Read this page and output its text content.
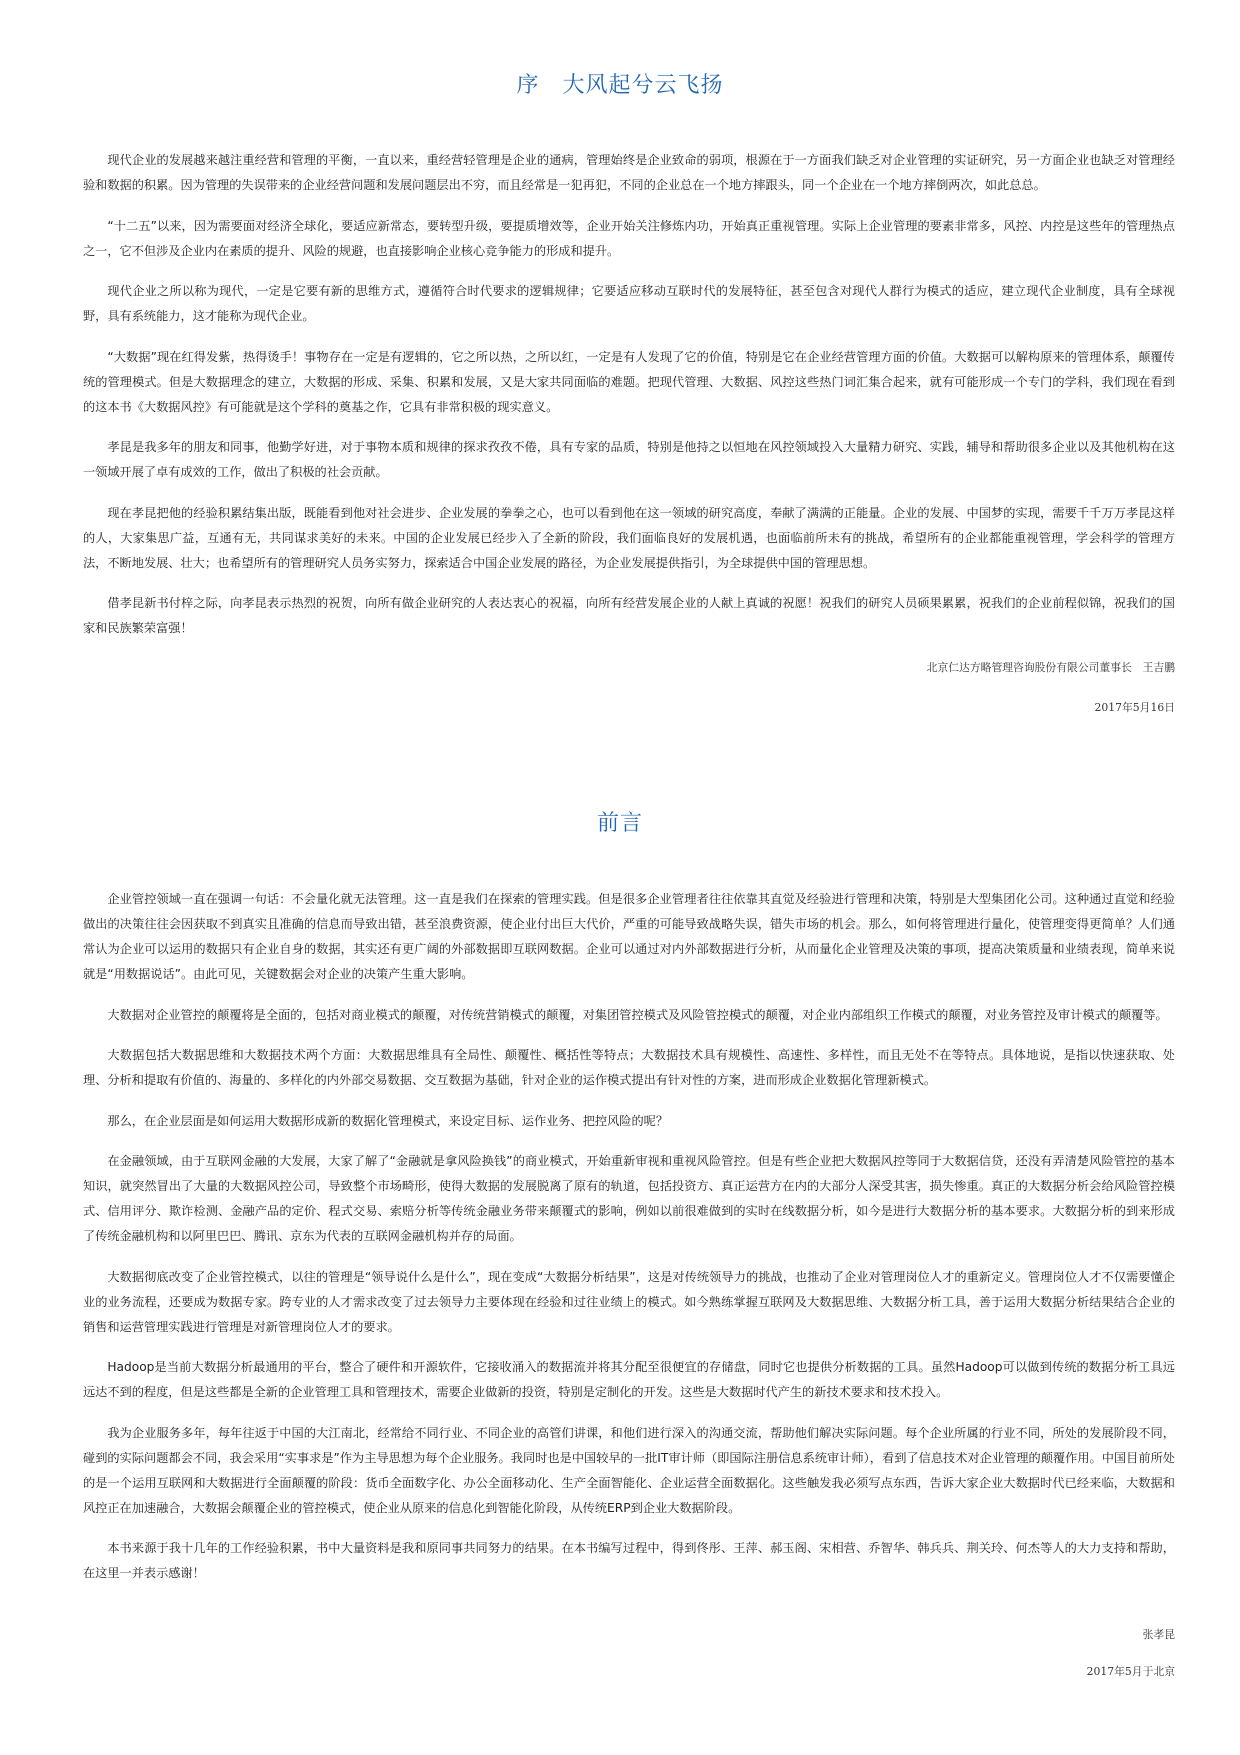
序　大风起兮云飞扬

现代企业的发展越来越注重经营和管理的平衡，一直以来，重经营轻管理是企业的通病，管理始终是企业致命的弱项，根源在于一方面我们缺乏对企业管理的实证研究，另一方面企业也缺乏对管理经验和数据的积累。因为管理的失误带来的企业经营问题和发展问题层出不穷，而且经常是一犯再犯，不同的企业总在一个地方摔跟头，同一个企业在一个地方摔倒两次，如此总总。

“十二五”以来，因为需要面对经济全球化，要适应新常态，要转型升级，要提质增效等，企业开始关注修炼内功，开始真正重视管理。实际上企业管理的要素非常多，风控、内控是这些年的管理热点之一，它不但涉及企业内在素质的提升、风险的规避，也直接影响企业核心竞争能力的形成和提升。

现代企业之所以称为现代，一定是它要有新的思维方式，遵循符合时代要求的逻辑规律；它要适应移动互联时代的发展特征，甚至包含对现代人群行为模式的适应，建立现代企业制度，具有全球视野，具有系统能力，这才能称为现代企业。

“大数据”现在红得发紫，热得烫手！事物存在一定是有逻辑的，它之所以热，之所以红，一定是有人发现了它的价值，特别是它在企业经营管理方面的价值。大数据可以解构原来的管理体系，颠覆传统的管理模式。但是大数据理念的建立，大数据的形成、采集、积累和发展，又是大家共同面临的难题。把现代管理、大数据、风控这些热门词汇集合起来，就有可能形成一个专门的学科，我们现在看到的这本书《大数据风控》有可能就是这个学科的奠基之作，它具有非常积极的现实意义。

孝昆是我多年的朋友和同事，他勤学好进，对于事物本质和规律的探求孜孜不倦，具有专家的品质，特别是他持之以恒地在风控领域投入大量精力研究、实践，辅导和帮助很多企业以及其他机构在这一领域开展了卓有成效的工作，做出了积极的社会贡献。

现在孝昆把他的经验积累结集出版，既能看到他对社会进步、企业发展的拳拳之心，也可以看到他在这一领域的研究高度，奉献了满满的正能量。企业的发展、中国梦的实现，需要千千万万孝昆这样的人，大家集思广益，互通有无，共同谋求美好的未来。中国的企业发展已经步入了全新的阶段，我们面临良好的发展机遇，也面临前所未有的挑战，希望所有的企业都能重视管理，学会科学的管理方法，不断地发展、壮大；也希望所有的管理研究人员务实努力，探索适合中国企业发展的路径，为企业发展提供指引，为全球提供中国的管理思想。

借孝昆新书付梓之际，向孝昆表示热烈的祝贺，向所有做企业研究的人表达衷心的祝福，向所有经营发展企业的人献上真诚的祝愿！祝我们的研究人员硕果累累，祝我们的企业前程似锦，祝我们的国家和民族繁荣富强！

北京仁达方略管理咨询股份有限公司董事长　王吉鹏
2017年5月16日
前言

企业管控领域一直在强调一句话：不会量化就无法管理。这一直是我们在探索的管理实践。但是很多企业管理者往往依靠其直觉及经验进行管理和决策，特别是大型集团化公司。这种通过直觉和经验做出的决策往往会因获取不到真实且准确的信息而导致出错，甚至浪费资源，使企业付出巨大代价，严重的可能导致战略失误，错失市场的机会。那么，如何将管理进行量化，使管理变得更简单？人们通常认为企业可以运用的数据只有企业自身的数据，其实还有更广阔的外部数据即互联网数据。企业可以通过对内外部数据进行分析，从而量化企业管理及决策的事项，提高决策质量和业绩表现，简单来说就是“用数据说话”。由此可见，关键数据会对企业的决策产生重大影响。

大数据对企业管控的颠覆将是全面的，包括对商业模式的颠覆，对传统营销模式的颠覆，对集团管控模式及风险管控模式的颠覆，对企业内部组织工作模式的颠覆，对业务管控及审计模式的颠覆等。

大数据包括大数据思维和大数据技术两个方面：大数据思维具有全局性、颠覆性、概括性等特点；大数据技术具有规模性、高速性、多样性，而且无处不在等特点。具体地说，是指以快速获取、处理、分析和提取有价值的、海量的、多样化的内外部交易数据、交互数据为基础，针对企业的运作模式提出有针对性的方案，进而形成企业数据化管理新模式。

那么，在企业层面是如何运用大数据形成新的数据化管理模式，来设定目标、运作业务、把控风险的呢？

在金融领域，由于互联网金融的大发展，大家了解了“金融就是拿风险换钱”的商业模式，开始重新审视和重视风险管控。但是有些企业把大数据风控等同于大数据信贷，还没有弄清楚风险管控的基本知识，就突然冒出了大量的大数据风控公司，导致整个市场畸形，使得大数据的发展脱离了原有的轨道，包括投资方、真正运营方在内的大部分人深受其害，损失惨重。真正的大数据分析会给风险管控模式、信用评分、欺诈检测、金融产品的定价、程式交易、索赔分析等传统金融业务带来颠覆式的影响，例如以前很难做到的实时在线数据分析，如今是进行大数据分析的基本要求。大数据分析的到来形成了传统金融机构和以阿里巴巴、腾讯、京东为代表的互联网金融机构并存的局面。

大数据彻底改变了企业管控模式，以往的管理是“领导说什么是什么”，现在变成“大数据分析结果”，这是对传统领导力的挑战，也推动了企业对管理岗位人才的重新定义。管理岗位人才不仅需要懂企业的业务流程，还要成为数据专家。跨专业的人才需求改变了过去领导力主要体现在经验和过往业绩上的模式。如今熟练掌握互联网及大数据思维、大数据分析工具，善于运用大数据分析结果结合企业的销售和运营管理实践进行管理是对新管理岗位人才的要求。

Hadoop是当前大数据分析最通用的平台，整合了硬件和开源软件，它接收涌入的数据流并将其分配至很便宜的存储盘，同时它也提供分析数据的工具。虽然Hadoop可以做到传统的数据分析工具远远达不到的程度，但是这些都是全新的企业管理工具和管理技术，需要企业做新的投资，特别是定制化的开发。这些是大数据时代产生的新技术要求和技术投入。

我为企业服务多年，每年往返于中国的大江南北，经常给不同行业、不同企业的高管们讲课，和他们进行深入的沟通交流，帮助他们解决实际问题。每个企业所属的行业不同，所处的发展阶段不同，碰到的实际问题都会不同，我会采用“实事求是”作为主导思想为每个企业服务。我同时也是中国较早的一批IT审计师（即国际注册信息系统审计师），看到了信息技术对企业管理的颠覆作用。中国目前所处的是一个运用互联网和大数据进行全面颠覆的阶段：货币全面数字化、办公全面移动化、生产全面智能化、企业运营全面数据化。这些触发我必须写点东西，告诉大家企业大数据时代已经来临，大数据和风控正在加速融合，大数据会颠覆企业的管控模式，使企业从原来的信息化到智能化阶段，从传统ERP到企业大数据阶段。

本书来源于我十几年的工作经验积累，书中大量资料是我和原同事共同努力的结果。在本书编写过程中，得到佟彤、王萍、郝玉阁、宋相营、乔智华、韩兵兵、荆关玲、何杰等人的大力支持和帮助，在这里一并表示感谢！

张孝昆
2017年5月于北京
